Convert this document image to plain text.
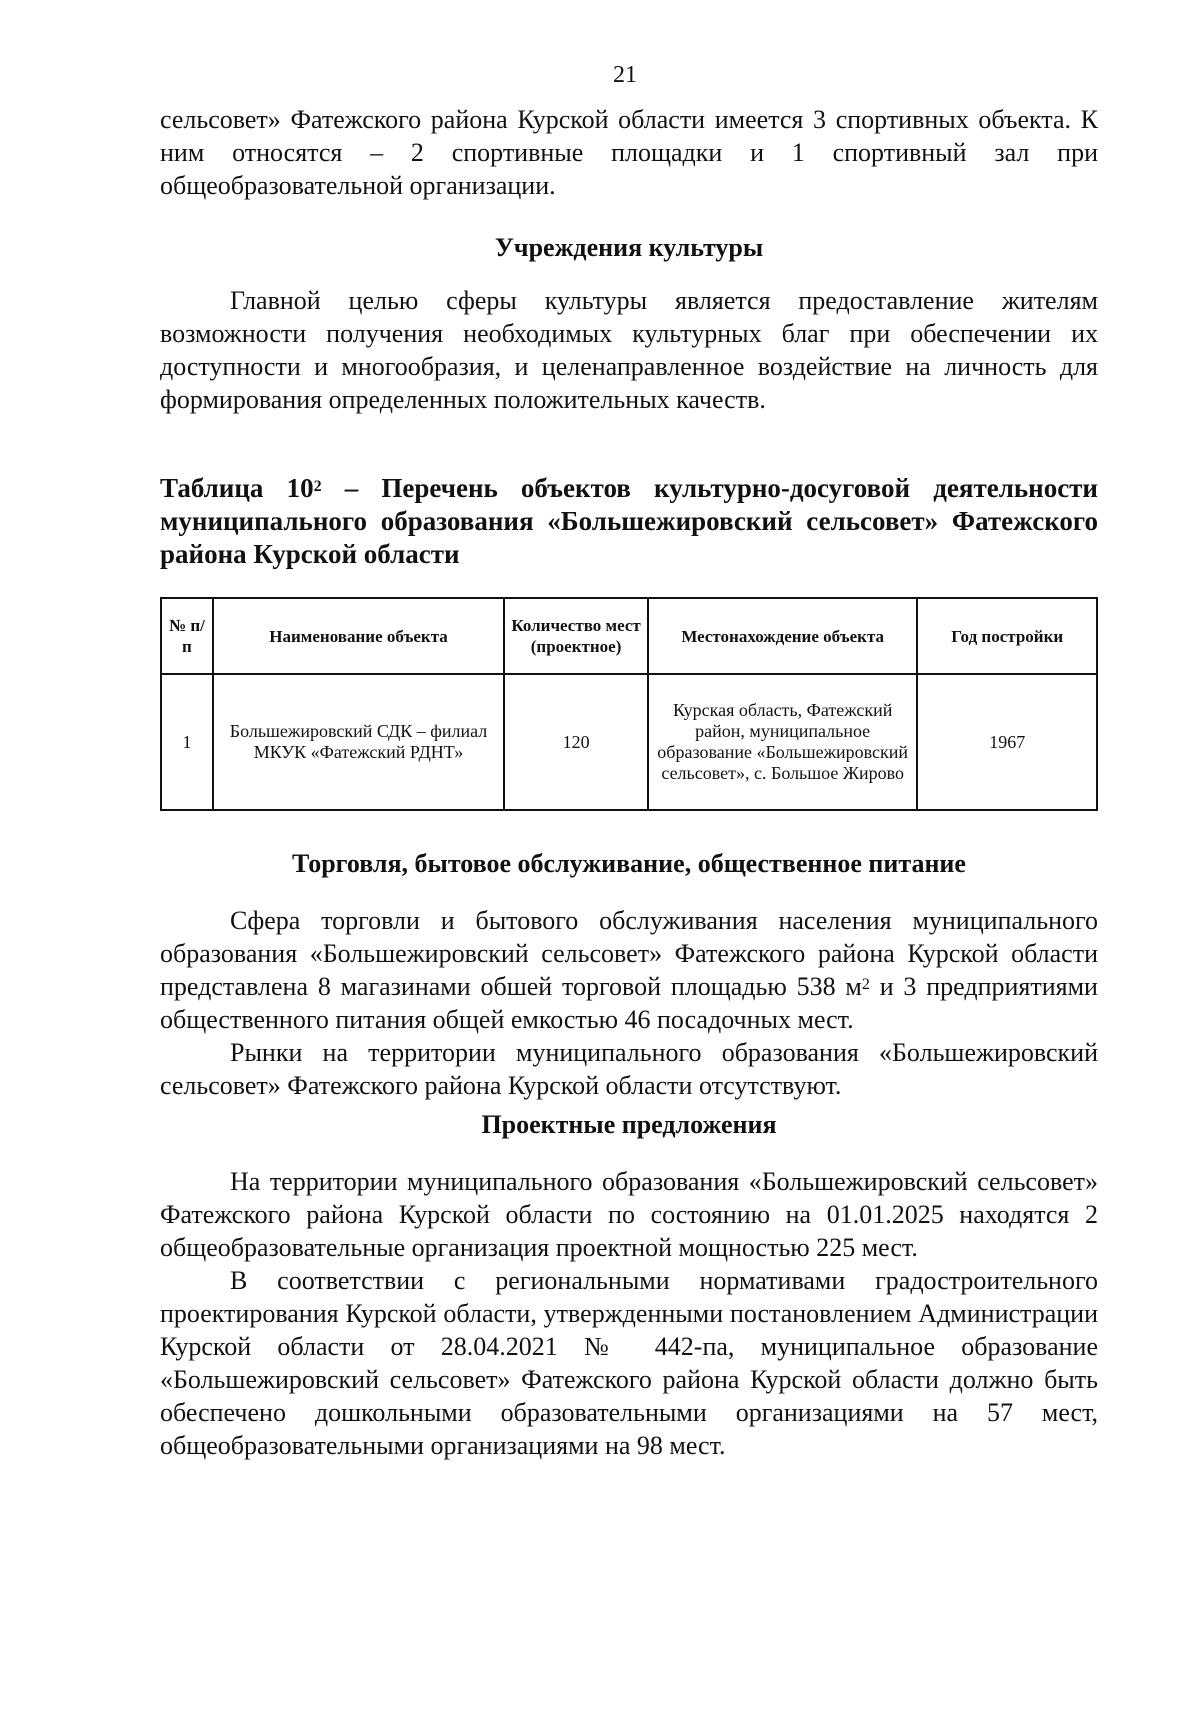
21

сельсовет» Фатежского района Курской области имеется 3 спортивных объекта. К ним относятся – 2 спортивные площадки и 1 спортивный зал при общеобразовательной организации.

Учреждения культуры

Главной целью сферы культуры является предоставление жителям возможности получения необходимых культурных благ при обеспечении их доступности и многообразия, и целенаправленное воздействие на личность для формирования определенных положительных качеств.

Таблица $10^2$ – Перечень объектов культурно-досуговой деятельности муниципального образования «Большежировский сельсовет» Фатежского района Курской области

№ п/п	Наименование объекта	Количество мест (проектное)	Местонахождение объекта	Год постройки
1	Большежировский СДК – филиал МКУК «Фатежский РДНТ»	120	Курская область, Фатежский район, муниципальное образование «Большежировский сельсовет», с. Большое Жирово	1967
Торговля, бытовое обслуживание, общественное питание

Сфера торговли и бытового обслуживания населения муниципального образования «Большежировский сельсовет» Фатежского района Курской области представлена 8 магазинами обшей торговой площадью 538 $м^2$ и 3 предприятиями общественного питания общей емкостью 46 посадочных мест.

Рынки на территории муниципального образования «Большежировский сельсовет» Фатежского района Курской области отсутствуют.

Проектные предложения

На территории муниципального образования «Большежировский сельсовет» Фатежского района Курской области по состоянию на 01.01.2025 находятся 2 общеобразовательные организация проектной мощностью 225 мест.

В соответствии с региональными нормативами градостроительного проектирования Курской области, утвержденными постановлением Администрации Курской области от 28.04.2021 № 442-па, муниципальное образование «Большежировский сельсовет» Фатежского района Курской области должно быть обеспечено дошкольными образовательными организациями на 57 мест, общеобразовательными организациями на 98 мест.
